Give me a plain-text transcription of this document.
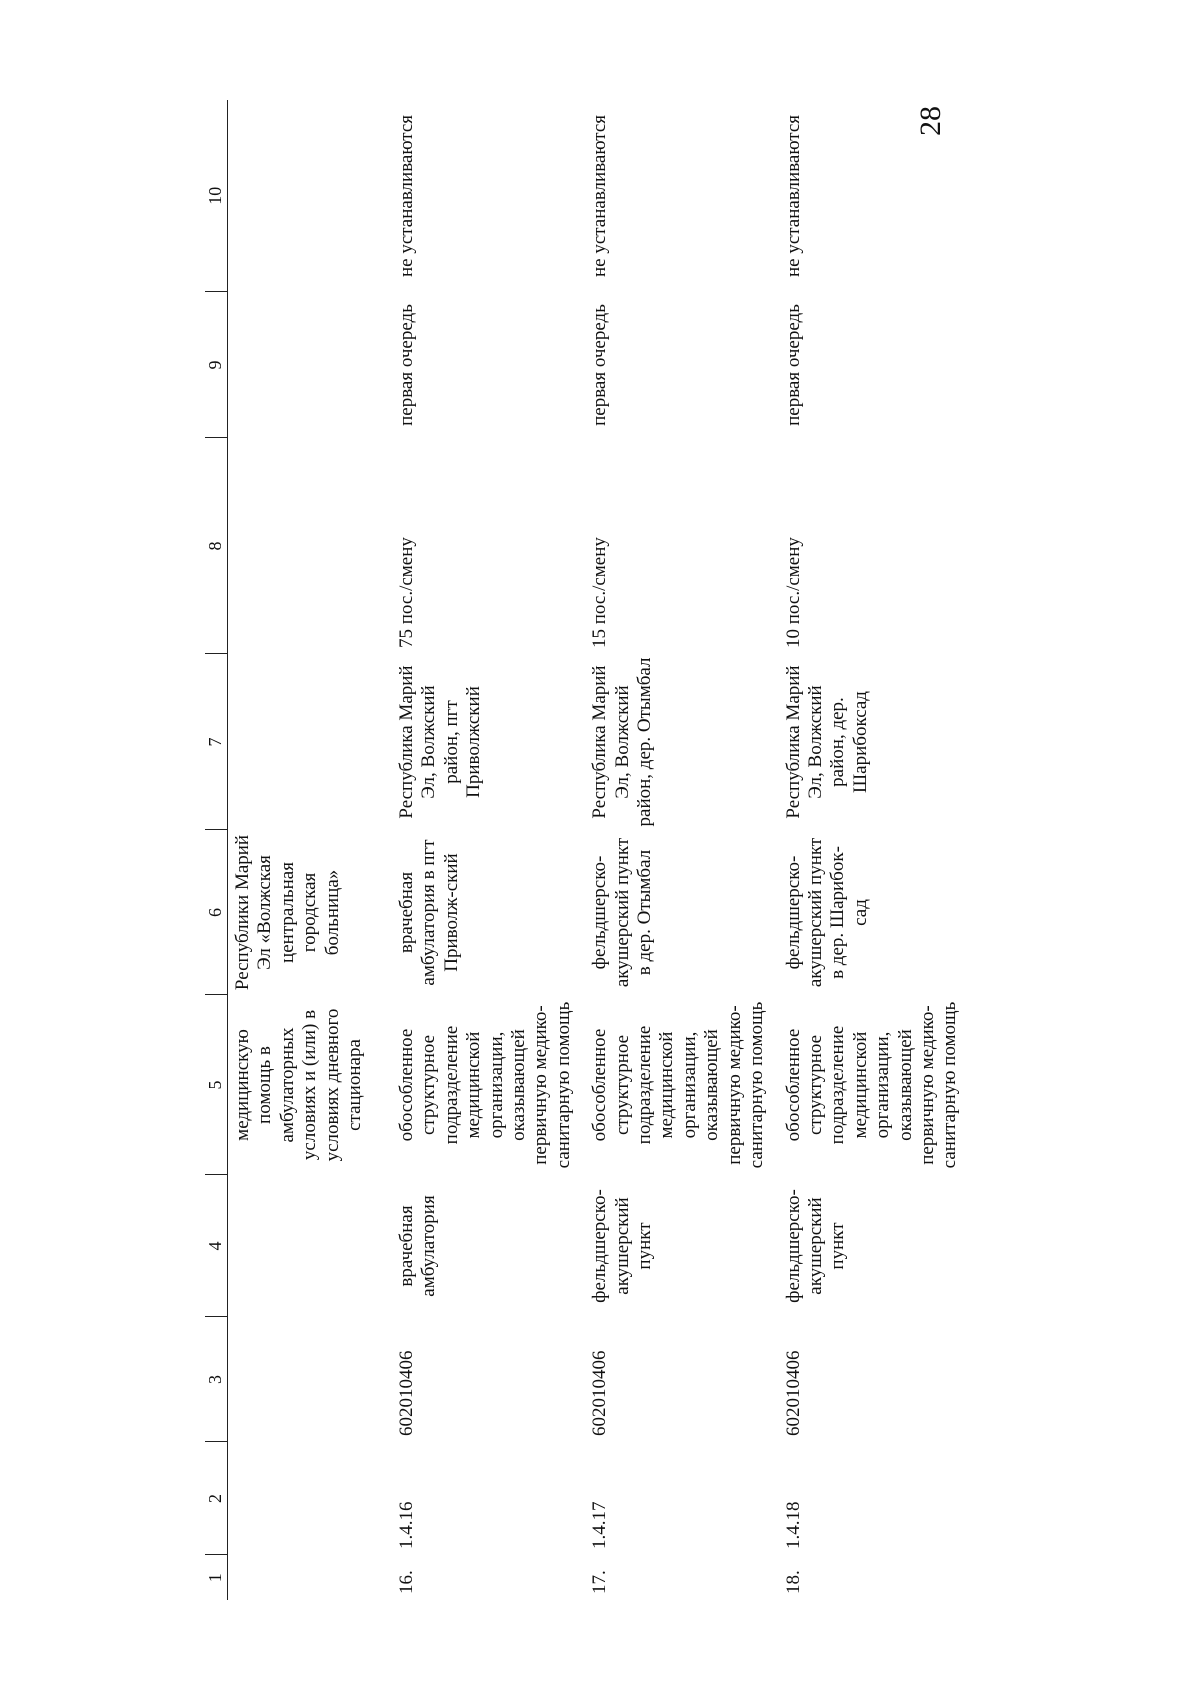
28
1	2	3	4	5	6	7	8	9	10
				медицинскую помощь в амбулаторных условиях и (или) в условиях дневного стационара	Республики Марий Эл «Волжская центральная городская больница»				
16.	1.4.16	602010406	врачебная амбулатория	обособленное структурное подразделение медицинской организации, оказывающей первичную медико-санитарную помощь	врачебная амбулатория в пгт Приволж-ский	Республика Марий Эл, Волжский район, пгт Приволжский	75 пос./смену	первая очередь	не устанавливаются
17.	1.4.17	602010406	фельдшерско-акушерский пункт	обособленное структурное подразделение медицинской организации, оказывающей первичную медико-санитарную помощь	фельдшерско-акушерский пункт в дер. Отымбал	Республика Марий Эл, Волжский район, дер. Отымбал	15 пос./смену	первая очередь	не устанавливаются
18.	1.4.18	602010406	фельдшерско-акушерский пункт	обособленное структурное подразделение медицинской организации, оказывающей первичную медико-санитарную помощь	фельдшерско-акушерский пункт в дер. Шарибок-сад	Республика Марий Эл, Волжский район, дер. Шарибоксад	10 пос./смену	первая очередь	не устанавливаются
